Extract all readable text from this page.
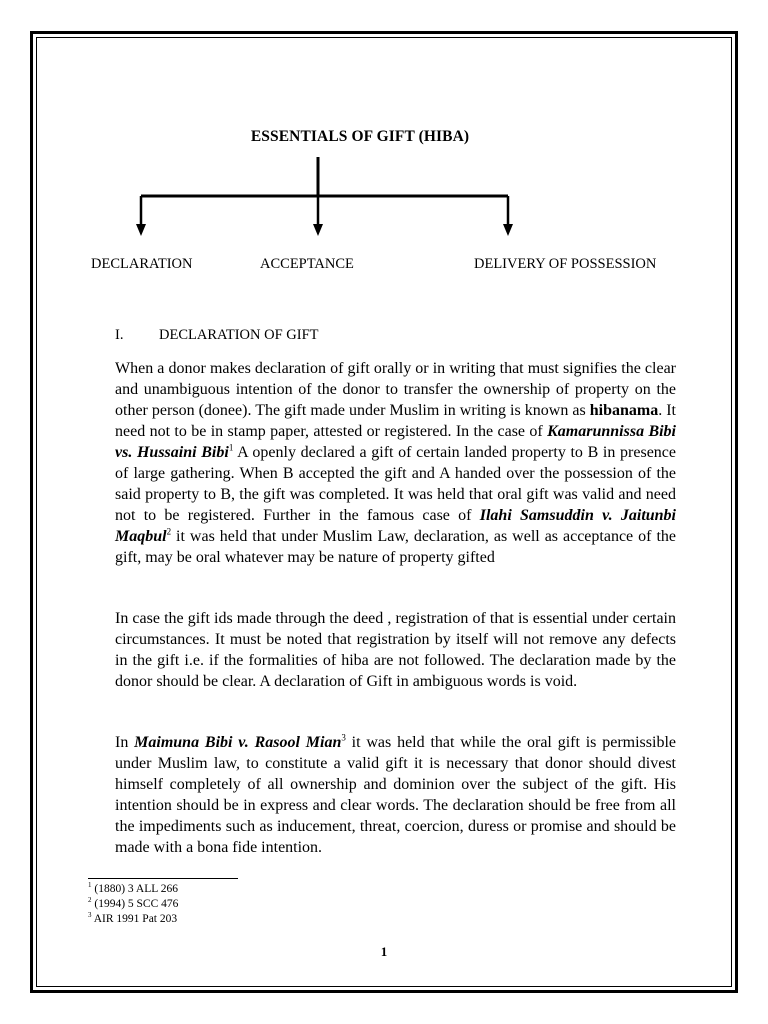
ESSENTIALS OF GIFT (HIBA)
DECLARATION	ACCEPTANCE	DELIVERY OF POSSESSION
I. DECLARATION OF GIFT
When a donor makes declaration of gift orally or in writing that must signifies the clear and unambiguous intention of the donor to transfer the ownership of property on the other person (donee). The gift made under Muslim in writing is known as hibanama. It need not to be in stamp paper, attested or registered. In the case of Kamarunnissa Bibi vs. Hussaini Bibi$^1$ A openly declared a gift of certain landed property to B in presence of large gathering. When B accepted the gift and A handed over the possession of the said property to B, the gift was completed. It was held that oral gift was valid and need not to be registered. Further in the famous case of Ilahi Samsuddin v. Jaitunbi Maqbul$^2$ it was held that under Muslim Law, declaration, as well as acceptance of the gift, may be oral whatever may be nature of property gifted
In case the gift ids made through the deed , registration of that is essential under certain circumstances. It must be noted that registration by itself will not remove any defects in the gift i.e. if the formalities of hiba are not followed. The declaration made by the donor should be clear. A declaration of Gift in ambiguous words is void.
In Maimuna Bibi v. Rasool Mian$^3$ it was held that while the oral gift is permissible under Muslim law, to constitute a valid gift it is necessary that donor should divest himself completely of all ownership and dominion over the subject of the gift. His intention should be in express and clear words. The declaration should be free from all the impediments such as inducement, threat, coercion, duress or promise and should be made with a bona fide intention.
$^1$ (1880) 3 ALL 266
$^2$ (1994) 5 SCC 476
$^3$ AIR 1991 Pat 203
1
